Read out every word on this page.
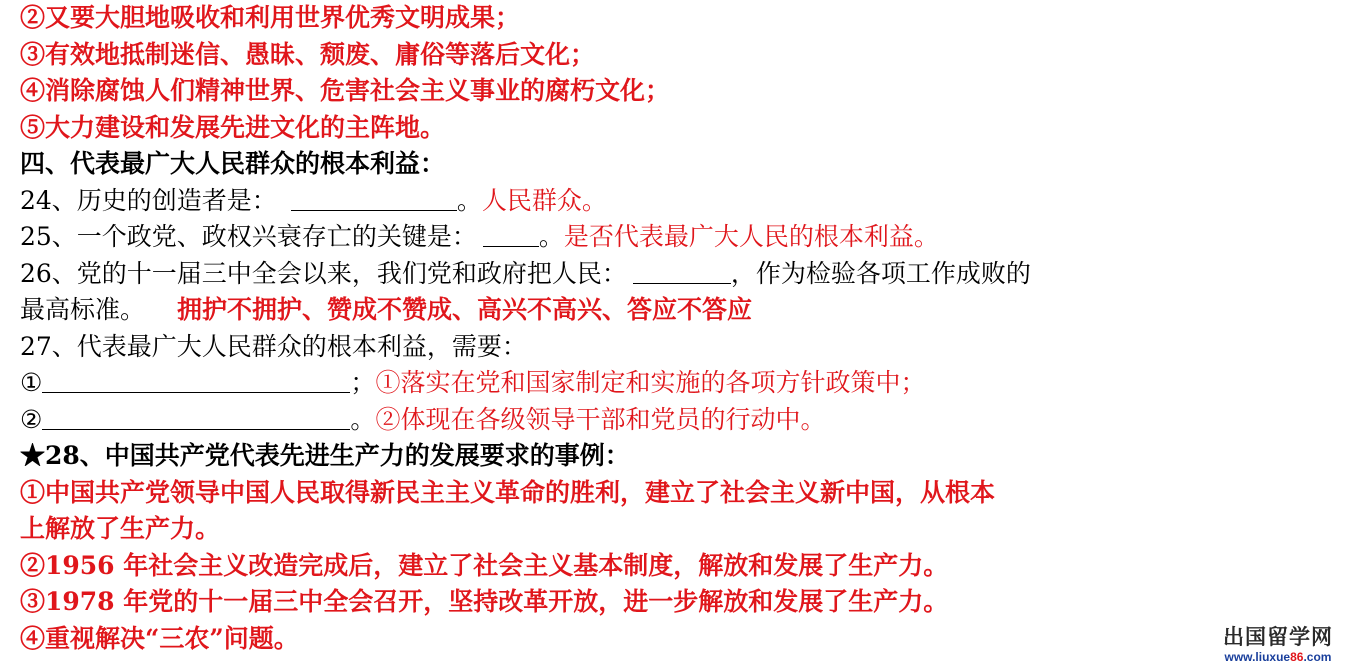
②又要大胆地吸收和利用世界优秀文明成果；
③有效地抵制迷信、愚昧、颓废、庸俗等落后文化；
④消除腐蚀人们精神世界、危害社会主义事业的腐朽文化；
⑤大力建设和发展先进文化的主阵地。
四、代表最广大人民群众的根本利益：
24、历史的创造者是：	。人民群众。
25、一个政党、政权兴衰存亡的关键是： 。是否代表最广大人民的根本利益。
26、党的十一届三中全会以来，我们党和政府把人民：	，作为检验各项工作成败的
最高标准。 拥护不拥护、赞成不赞成、高兴不高兴、答应不答应
27、代表最广大人民群众的根本利益，需要：
①	；①落实在党和国家制定和实施的各项方针政策中；
②	。②体现在各级领导干部和党员的行动中。
★28、中国共产党代表先进生产力的发展要求的事例：
①中国共产党领导中国人民取得新民主主义革命的胜利，建立了社会主义新中国，从根本
上解放了生产力。
②1956 年社会主义改造完成后，建立了社会主义基本制度，解放和发展了生产力。
③1978 年党的十一届三中全会召开，坚持改革开放，进一步解放和发展了生产力。
④重视解决“三农”问题。	出国留学网
www.liuxue86.com
